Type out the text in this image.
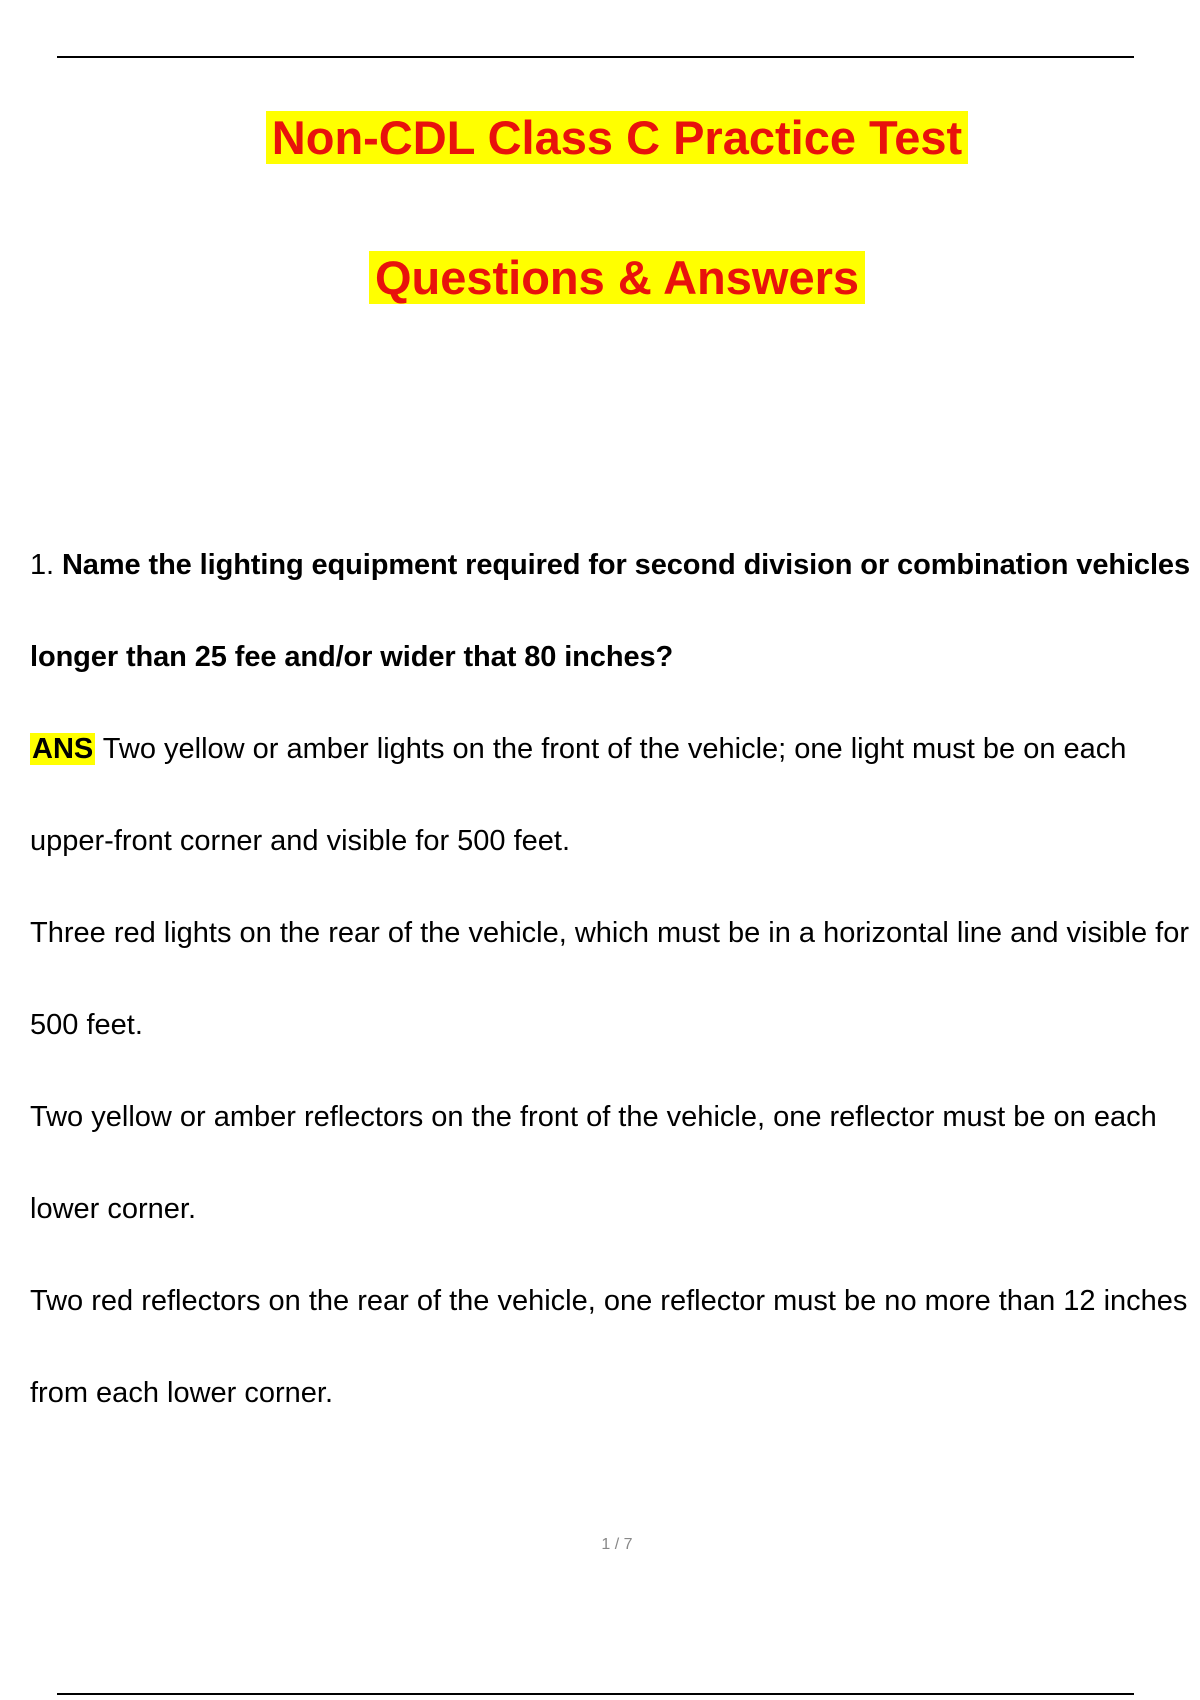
Non-CDL Class C Practice Test
Questions & Answers

1. Name the lighting equipment required for second division or combination vehicles longer than 25 fee and/or wider that 80 inches?

ANS Two yellow or amber lights on the front of the vehicle; one light must be on each upper-front corner and visible for 500 feet.

Three red lights on the rear of the vehicle, which must be in a horizontal line and visible for 500 feet.

Two yellow or amber reflectors on the front of the vehicle, one reflector must be on each lower corner.

Two red reflectors on the rear of the vehicle, one reflector must be no more than 12 inches from each lower corner.

1 / 7
